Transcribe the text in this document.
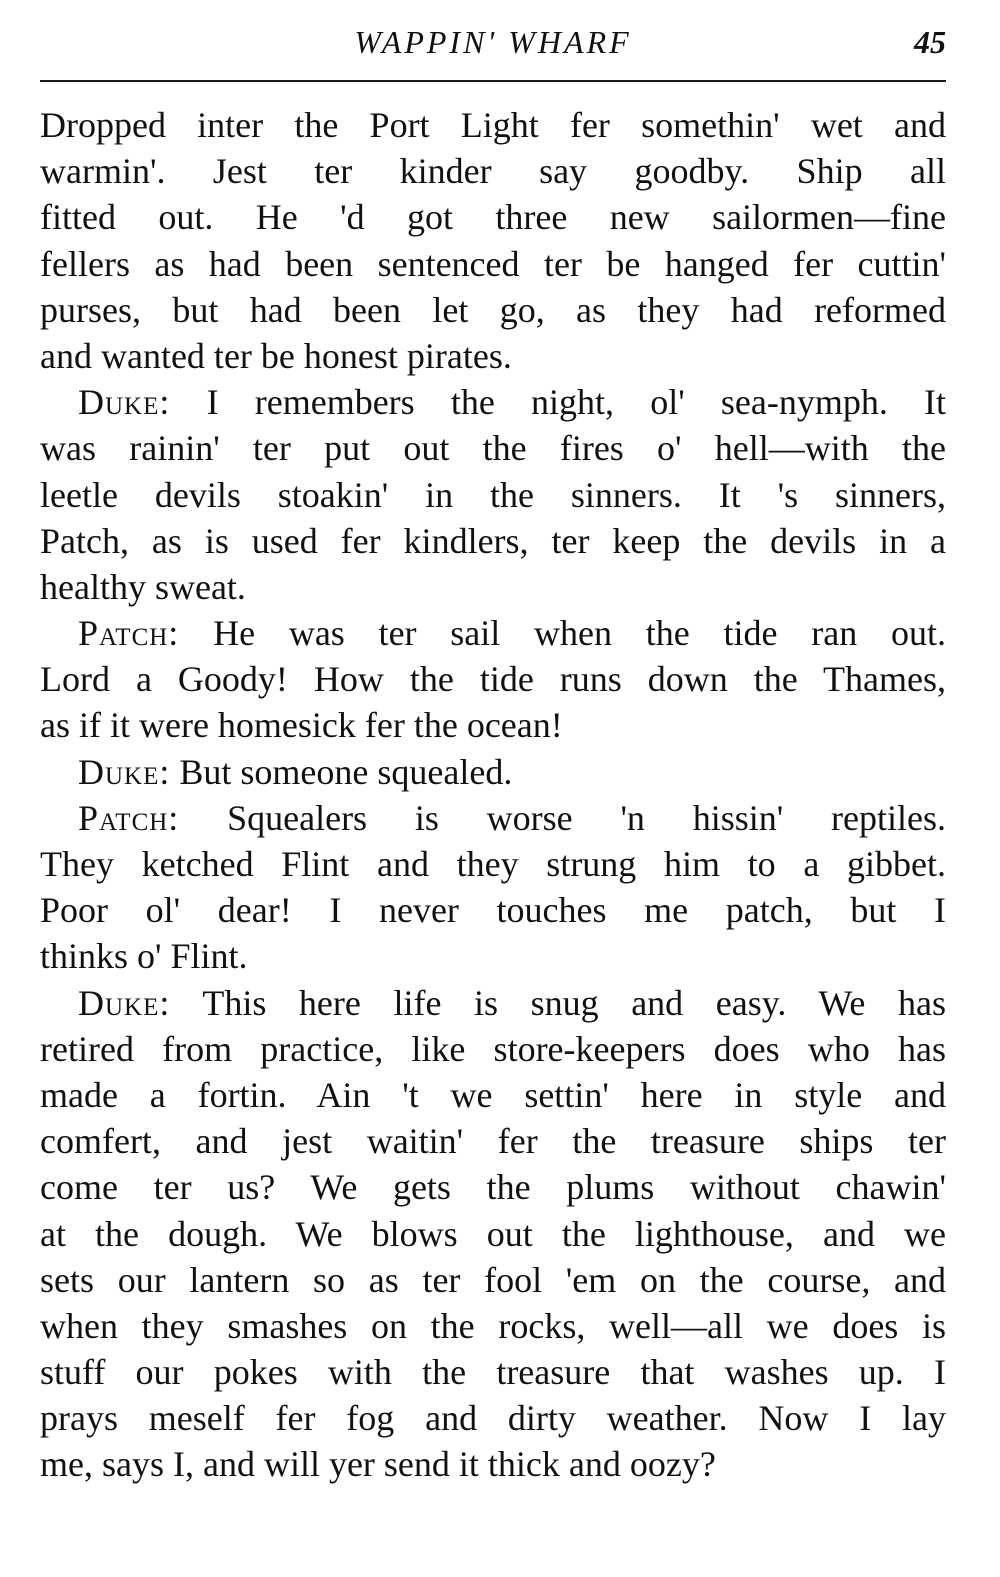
WAPPIN' WHARF	45
Dropped inter the Port Light fer somethin' wet and
warmin'. Jest ter kinder say goodby. Ship all
fitted out. He 'd got three new sailormen—fine
fellers as had been sentenced ter be hanged fer cuttin'
purses, but had been let go, as they had reformed
and wanted ter be honest pirates.
Duke: I remembers the night, ol' sea-nymph. It
was rainin' ter put out the fires o' hell—with the
leetle devils stoakin' in the sinners. It 's sinners,
Patch, as is used fer kindlers, ter keep the devils in a
healthy sweat.
Patch: He was ter sail when the tide ran out.
Lord a Goody! How the tide runs down the Thames,
as if it were homesick fer the ocean!
Duke: But someone squealed.
Patch: Squealers is worse 'n hissin' reptiles.
They ketched Flint and they strung him to a gibbet.
Poor ol' dear! I never touches me patch, but I
thinks o' Flint.
Duke: This here life is snug and easy. We has
retired from practice, like store-keepers does who has
made a fortin. Ain 't we settin' here in style and
comfert, and jest waitin' fer the treasure ships ter
come ter us? We gets the plums without chawin'
at the dough. We blows out the lighthouse, and we
sets our lantern so as ter fool 'em on the course, and
when they smashes on the rocks, well—all we does is
stuff our pokes with the treasure that washes up. I
prays meself fer fog and dirty weather. Now I lay
me, says I, and will yer send it thick and oozy?
